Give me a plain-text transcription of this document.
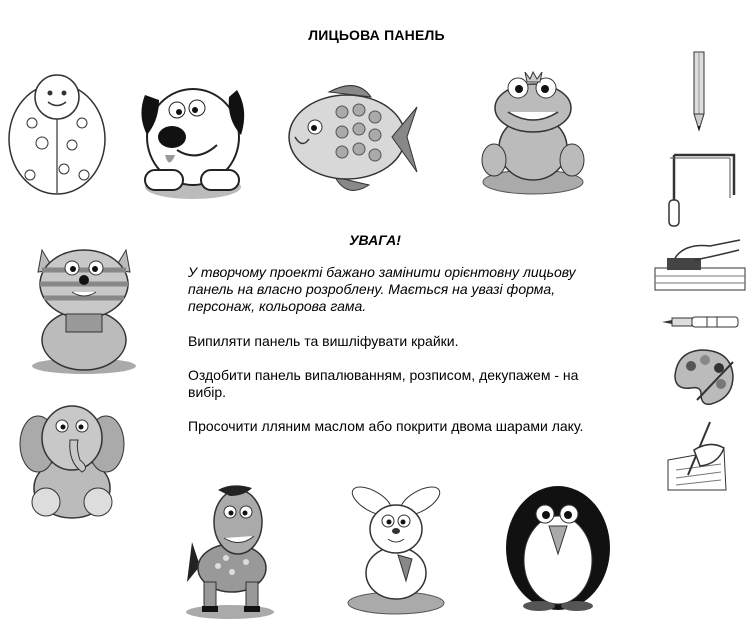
ЛИЦЬОВА ПАНЕЛЬ
УВАГА!
У творчому проекті бажано замінити орієнтовну лицьову панель на власно розроблену. Мається на увазі форма, персонаж, кольорова гама.
Випиляти панель та вишліфувати крайки.
Оздобити панель випалюванням, розписом, декупажем - на вибір.
Просочити лляним маслом або покрити двома шарами лаку.
